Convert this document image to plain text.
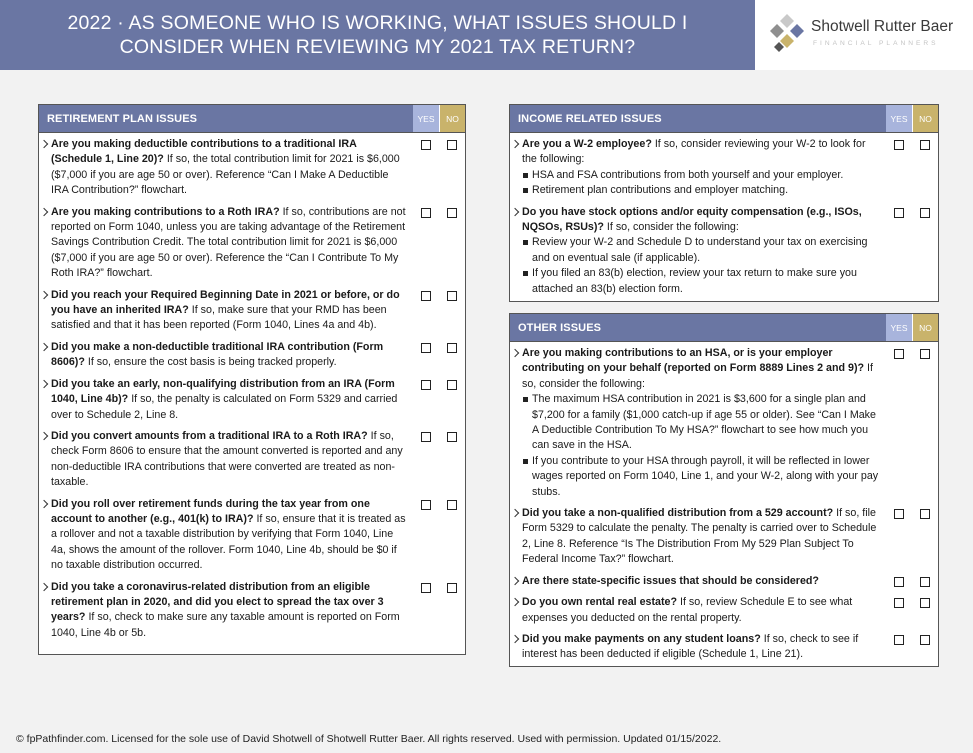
2022 · AS SOMEONE WHO IS WORKING, WHAT ISSUES SHOULD I
CONSIDER WHEN REVIEWING MY 2021 TAX RETURN?
Shotwell Rutter Baer
FINANCIAL PLANNERS
RETIREMENT PLAN ISSUES	YES	NO
Are you making deductible contributions to a traditional IRA (Schedule 1, Line 20)? If so, the total contribution limit for 2021 is $6,000 ($7,000 if you are age 50 or over). Reference “Can I Make A Deductible IRA Contribution?” flowchart.
Are you making contributions to a Roth IRA? If so, contributions are not reported on Form 1040, unless you are taking advantage of the Retirement Savings Contribution Credit. The total contribution limit for 2021 is $6,000 ($7,000 if you are age 50 or over). Reference the “Can I Contribute To My Roth IRA?” flowchart.
Did you reach your Required Beginning Date in 2021 or before, or do you have an inherited IRA? If so, make sure that your RMD has been satisfied and that it has been reported (Form 1040, Lines 4a and 4b).
Did you make a non-deductible traditional IRA contribution (Form 8606)? If so, ensure the cost basis is being tracked properly.
Did you take an early, non-qualifying distribution from an IRA (Form 1040, Line 4b)? If so, the penalty is calculated on Form 5329 and carried over to Schedule 2, Line 8.
Did you convert amounts from a traditional IRA to a Roth IRA? If so, check Form 8606 to ensure that the amount converted is reported and any non-deductible IRA contributions that were converted are treated as non-taxable.
Did you roll over retirement funds during the tax year from one account to another (e.g., 401(k) to IRA)? If so, ensure that it is treated as a rollover and not a taxable distribution by verifying that Form 1040, Line 4a, shows the amount of the rollover. Form 1040, Line 4b, should be $0 if no taxable distribution occurred.
Did you take a coronavirus-related distribution from an eligible retirement plan in 2020, and did you elect to spread the tax over 3 years? If so, check to make sure any taxable amount is reported on Form 1040, Line 4b or 5b.
INCOME RELATED ISSUES	YES	NO
Are you a W-2 employee? If so, consider reviewing your W-2 to look for the following:
HSA and FSA contributions from both yourself and your employer.
Retirement plan contributions and employer matching.
Do you have stock options and/or equity compensation (e.g., ISOs, NQSOs, RSUs)? If so, consider the following:
Review your W-2 and Schedule D to understand your tax on exercising and on eventual sale (if applicable).
If you filed an 83(b) election, review your tax return to make sure you attached an 83(b) election form.
OTHER ISSUES	YES	NO
Are you making contributions to an HSA, or is your employer contributing on your behalf (reported on Form 8889 Lines 2 and 9)? If so, consider the following:
The maximum HSA contribution in 2021 is $3,600 for a single plan and $7,200 for a family ($1,000 catch-up if age 55 or older). See “Can I Make A Deductible Contribution To My HSA?” flowchart to see how much you can save in the HSA.
If you contribute to your HSA through payroll, it will be reflected in lower wages reported on Form 1040, Line 1, and your W-2, along with your pay stubs.
Did you take a non-qualified distribution from a 529 account? If so, file Form 5329 to calculate the penalty. The penalty is carried over to Schedule 2, Line 8. Reference “Is The Distribution From My 529 Plan Subject To Federal Income Tax?” flowchart.
Are there state-specific issues that should be considered?
Do you own rental real estate? If so, review Schedule E to see what expenses you deducted on the rental property.
Did you make payments on any student loans? If so, check to see if interest has been deducted if eligible (Schedule 1, Line 21).
© fpPathfinder.com. Licensed for the sole use of David Shotwell of Shotwell Rutter Baer. All rights reserved. Used with permission. Updated 01/15/2022.
